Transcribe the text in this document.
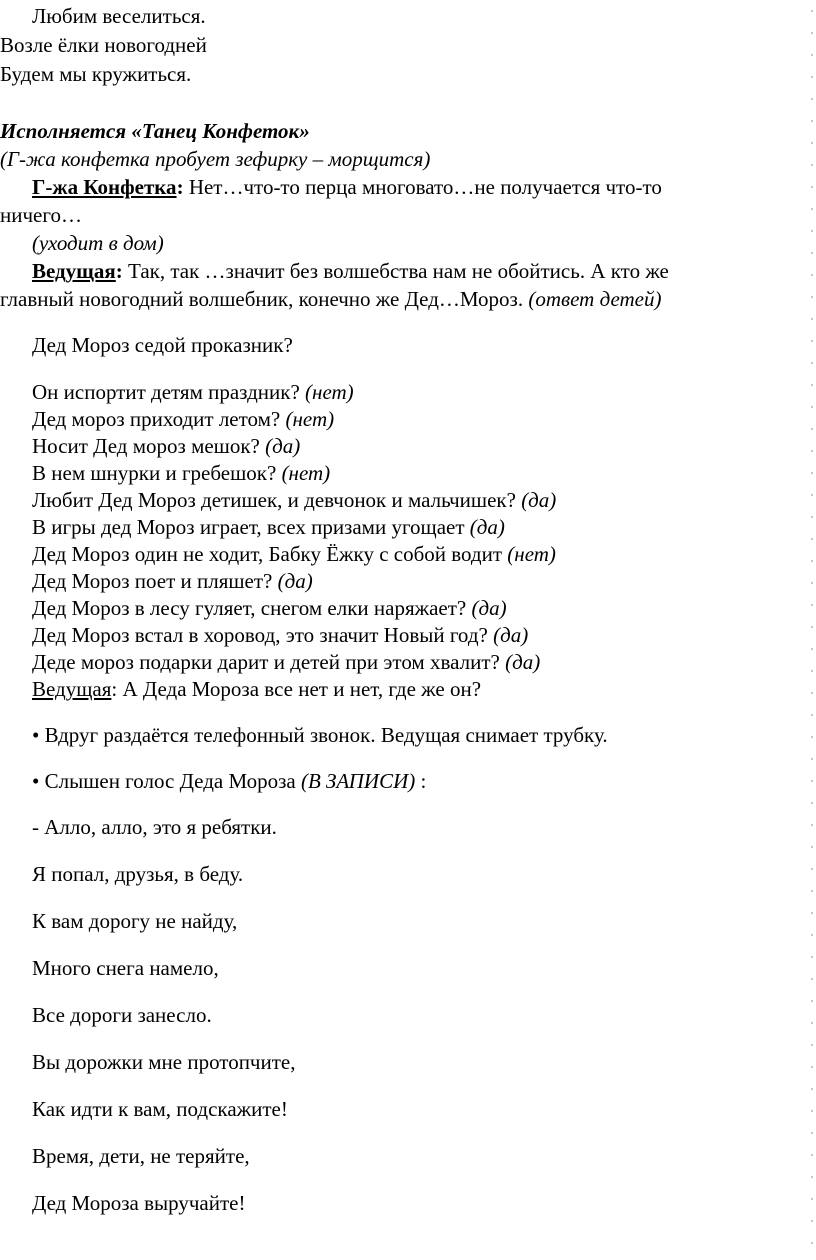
Любим веселиться.
Возле ёлки новогодней
Будем мы кружиться.
Исполняется «Танец Конфеток»
(Г-жа конфетка пробует зефирку – морщится)
Г-жа Конфетка: Нет…что-то перца многовато…не получается что-то
ничего…
(уходит в дом)
Ведущая: Так, так …значит без волшебства нам не обойтись. А кто же
главный новогодний волшебник, конечно же Дед…Мороз. (ответ детей)
Дед Мороз седой проказник?
Он испортит детям праздник? (нет)
Дед мороз приходит летом? (нет)
Носит Дед мороз мешок? (да)
В нем шнурки и гребешок? (нет)
Любит Дед Мороз детишек, и девчонок и мальчишек? (да)
В игры дед Мороз играет, всех призами угощает (да)
Дед Мороз один не ходит, Бабку Ёжку с собой водит (нет)
Дед Мороз поет и пляшет? (да)
Дед Мороз в лесу гуляет, снегом елки наряжает? (да)
Дед Мороз встал в хоровод, это значит Новый год? (да)
Деде мороз подарки дарит и детей при этом хвалит? (да)
Ведущая: А Деда Мороза все нет и нет, где же он?
• Вдруг раздаётся телефонный звонок. Ведущая снимает трубку.
• Слышен голос Деда Мороза (В ЗАПИСИ) :
- Алло, алло, это я ребятки.
Я попал, друзья, в беду.
К вам дорогу не найду,
Много снега намело,
Все дороги занесло.
Вы дорожки мне протопчите,
Как идти к вам, подскажите!
Время, дети, не теряйте,
Дед Мороза выручайте!
